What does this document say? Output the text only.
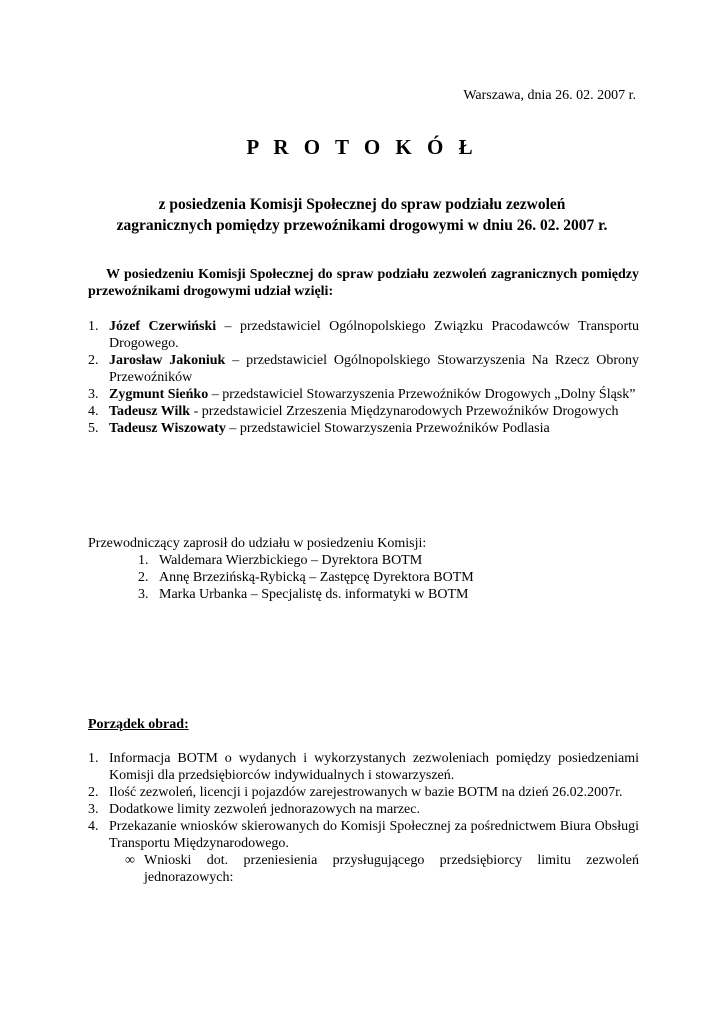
Warszawa, dnia 26. 02. 2007 r.
P R O T O K Ó Ł
z posiedzenia Komisji Społecznej do spraw podziału zezwoleń
zagranicznych pomiędzy przewoźnikami drogowymi w dniu 26. 02. 2007 r.
W posiedzeniu Komisji Społecznej do spraw podziału zezwoleń zagranicznych pomiędzy przewoźnikami drogowymi udział wzięli:
1. Józef Czerwiński – przedstawiciel Ogólnopolskiego Związku Pracodawców Transportu Drogowego.
2. Jarosław Jakoniuk – przedstawiciel Ogólnopolskiego Stowarzyszenia Na Rzecz Obrony Przewoźników
3. Zygmunt Sieńko – przedstawiciel Stowarzyszenia Przewoźników Drogowych „Dolny Śląsk”
4. Tadeusz Wilk - przedstawiciel Zrzeszenia Międzynarodowych Przewoźników Drogowych
5. Tadeusz Wiszowaty – przedstawiciel Stowarzyszenia Przewoźników Podlasia
Przewodniczący zaprosił do udziału w posiedzeniu Komisji:
1. Waldemara Wierzbickiego – Dyrektora BOTM
2. Annę Brzezińską-Rybicką – Zastępcę Dyrektora BOTM
3. Marka Urbanka – Specjalistę ds. informatyki w BOTM
Porządek obrad:
1. Informacja BOTM o wydanych i wykorzystanych zezwoleniach pomiędzy posiedzeniami Komisji dla przedsiębiorców indywidualnych i stowarzyszeń.
2. Ilość zezwoleń, licencji i pojazdów zarejestrowanych w bazie BOTM na dzień 26.02.2007r.
3. Dodatkowe limity zezwoleń jednorazowych na marzec.
4. Przekazanie wniosków skierowanych do Komisji Społecznej za pośrednictwem Biura Obsługi Transportu Międzynarodowego.
∞ Wnioski dot. przeniesienia przysługującego przedsiębiorcy limitu zezwoleń jednorazowych:
